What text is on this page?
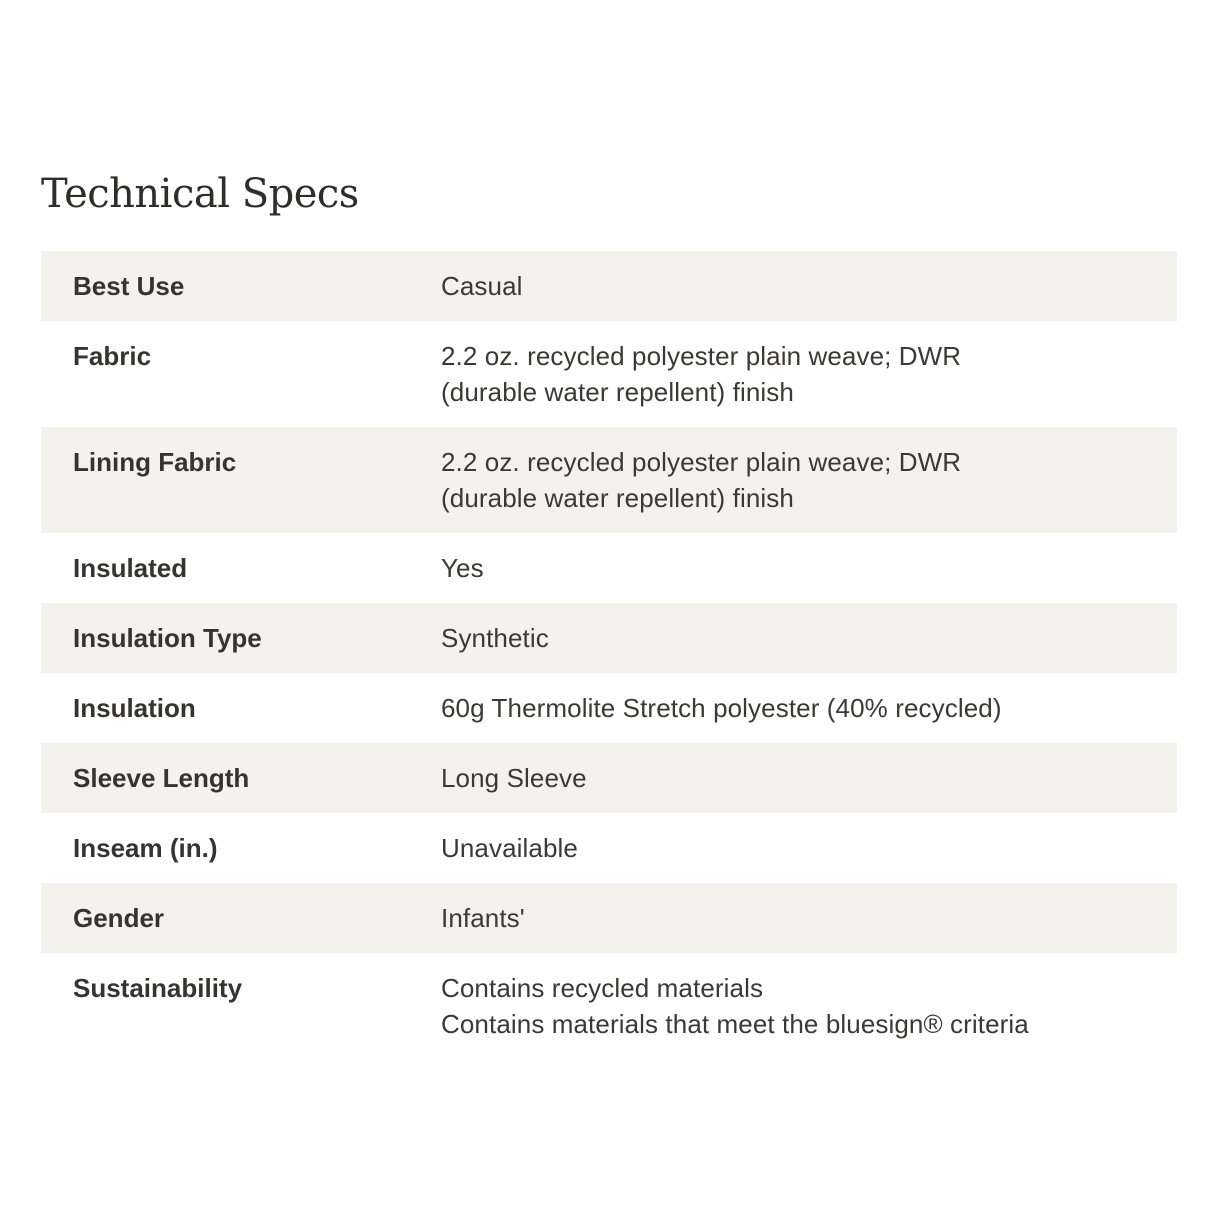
Technical Specs
Best Use	Casual
Fabric	2.2 oz. recycled polyester plain weave; DWR
(durable water repellent) finish
Lining Fabric	2.2 oz. recycled polyester plain weave; DWR
(durable water repellent) finish
Insulated	Yes
Insulation Type	Synthetic
Insulation	60g Thermolite Stretch polyester (40% recycled)
Sleeve Length	Long Sleeve
Inseam (in.)	Unavailable
Gender	Infants'
Sustainability	Contains recycled materials
Contains materials that meet the bluesign® criteria
